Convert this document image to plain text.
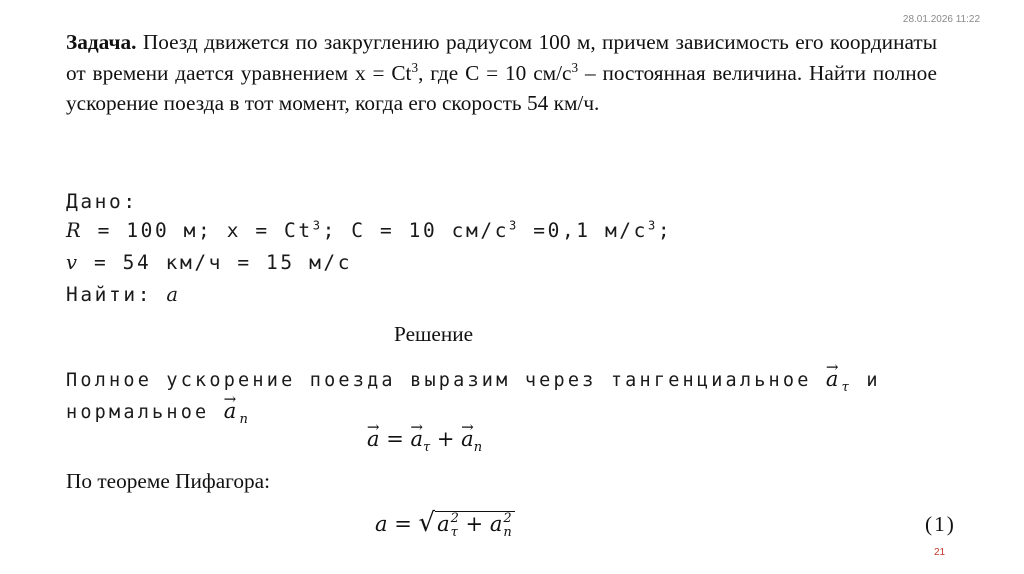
28.01.2026 11:22
Задача. Поезд движется по закруглению радиусом 100 м, причем зависимость его координаты от времени дается уравнением $x = Ct^3$, где C = 10 $см/с^3$ – постоянная величина. Найти полное ускорение поезда в тот момент, когда его скорость 54 км/ч.
Дано:
R = 100 м; $x = Ct^3$; C = 10 $см/с^3 =0,1$ $м/с^3$;
v = 54 км/ч = 15 м/с
Найти: a
Решение
Полное ускорение поезда выразим через тангенциальное → $a_\tau$ и
нормальное → $a_n$
→ a = → $a_\tau$ + → $a_n$
По теореме Пифагора:
a = √a 2
τ + a 2
n	(1)
21
